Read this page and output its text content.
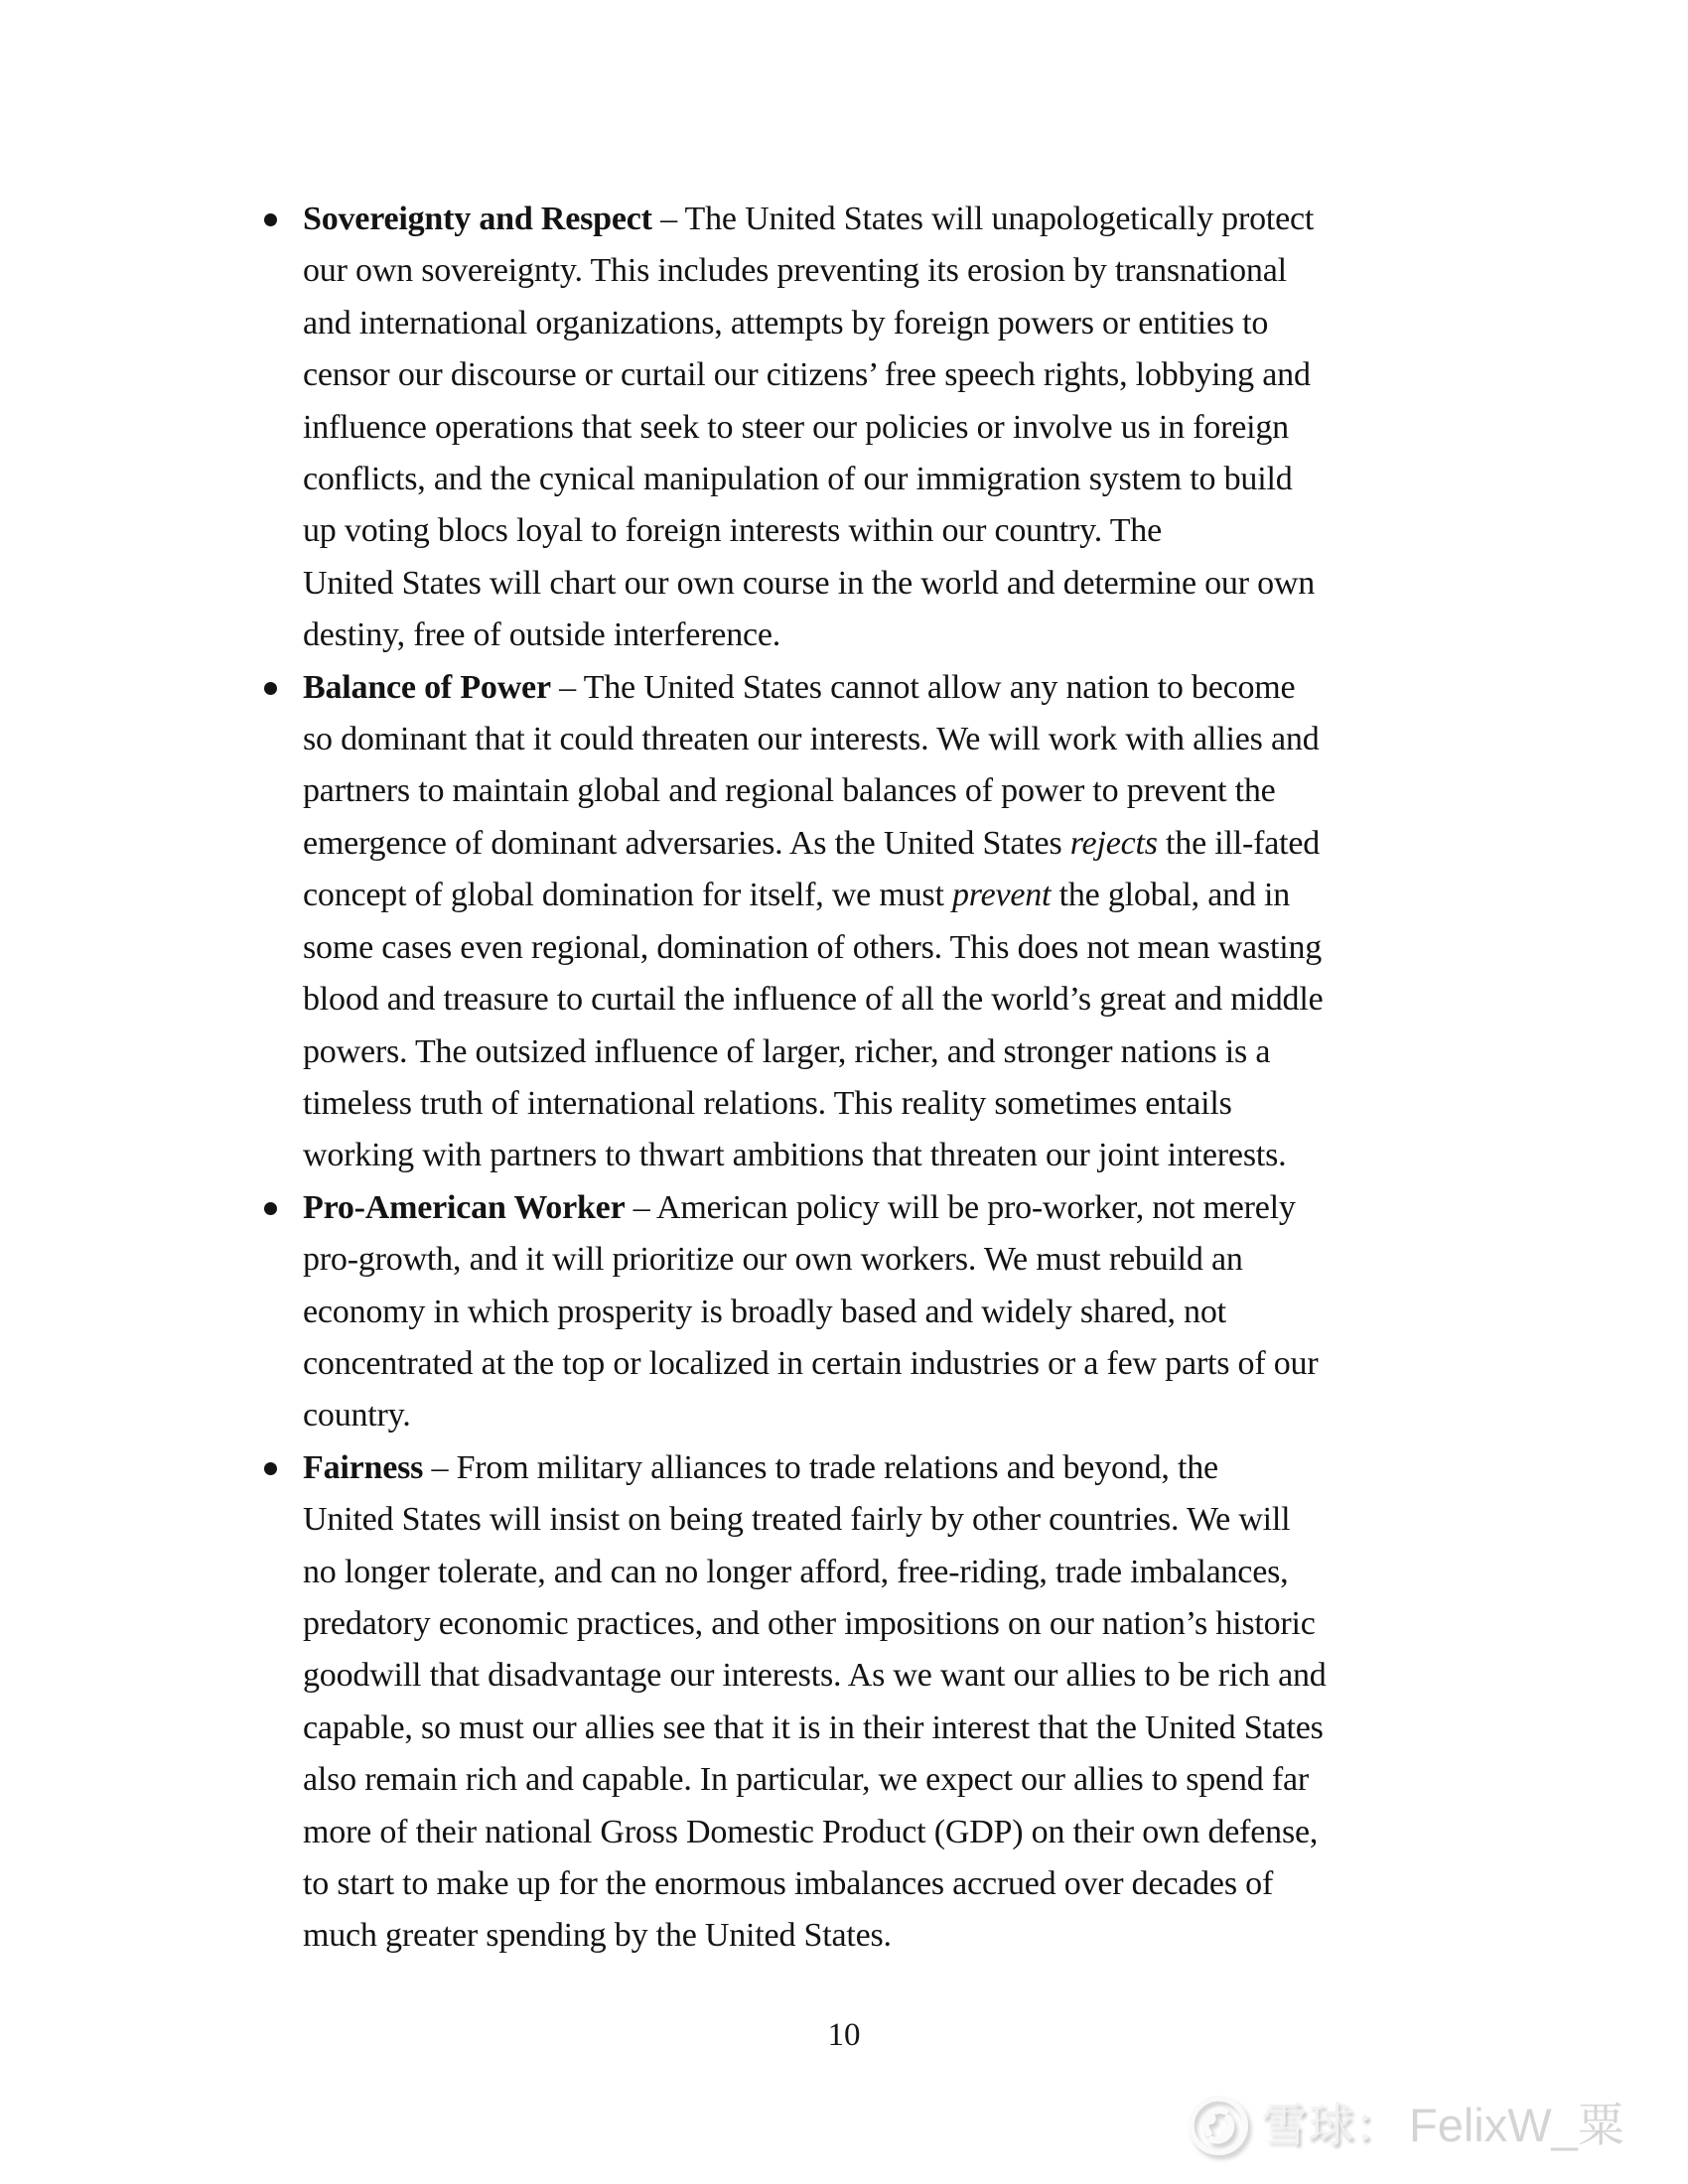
Sovereignty and Respect – The United States will unapologetically protect
our own sovereignty. This includes preventing its erosion by transnational
and international organizations, attempts by foreign powers or entities to
censor our discourse or curtail our citizens’ free speech rights, lobbying and
influence operations that seek to steer our policies or involve us in foreign
conflicts, and the cynical manipulation of our immigration system to build
up voting blocs loyal to foreign interests within our country. The
United States will chart our own course in the world and determine our own
destiny, free of outside interference.
Balance of Power – The United States cannot allow any nation to become
so dominant that it could threaten our interests. We will work with allies and
partners to maintain global and regional balances of power to prevent the
emergence of dominant adversaries. As the United States rejects the ill-fated
concept of global domination for itself, we must prevent the global, and in
some cases even regional, domination of others. This does not mean wasting
blood and treasure to curtail the influence of all the world’s great and middle
powers. The outsized influence of larger, richer, and stronger nations is a
timeless truth of international relations. This reality sometimes entails
working with partners to thwart ambitions that threaten our joint interests.
Pro-American Worker – American policy will be pro-worker, not merely
pro-growth, and it will prioritize our own workers. We must rebuild an
economy in which prosperity is broadly based and widely shared, not
concentrated at the top or localized in certain industries or a few parts of our
country.
Fairness – From military alliances to trade relations and beyond, the
United States will insist on being treated fairly by other countries. We will
no longer tolerate, and can no longer afford, free-riding, trade imbalances,
predatory economic practices, and other impositions on our nation’s historic
goodwill that disadvantage our interests. As we want our allies to be rich and
capable, so must our allies see that it is in their interest that the United States
also remain rich and capable. In particular, we expect our allies to spend far
more of their national Gross Domestic Product (GDP) on their own defense,
to start to make up for the enormous imbalances accrued over decades of
much greater spending by the United States.
10
雪球： FelixW_粟
